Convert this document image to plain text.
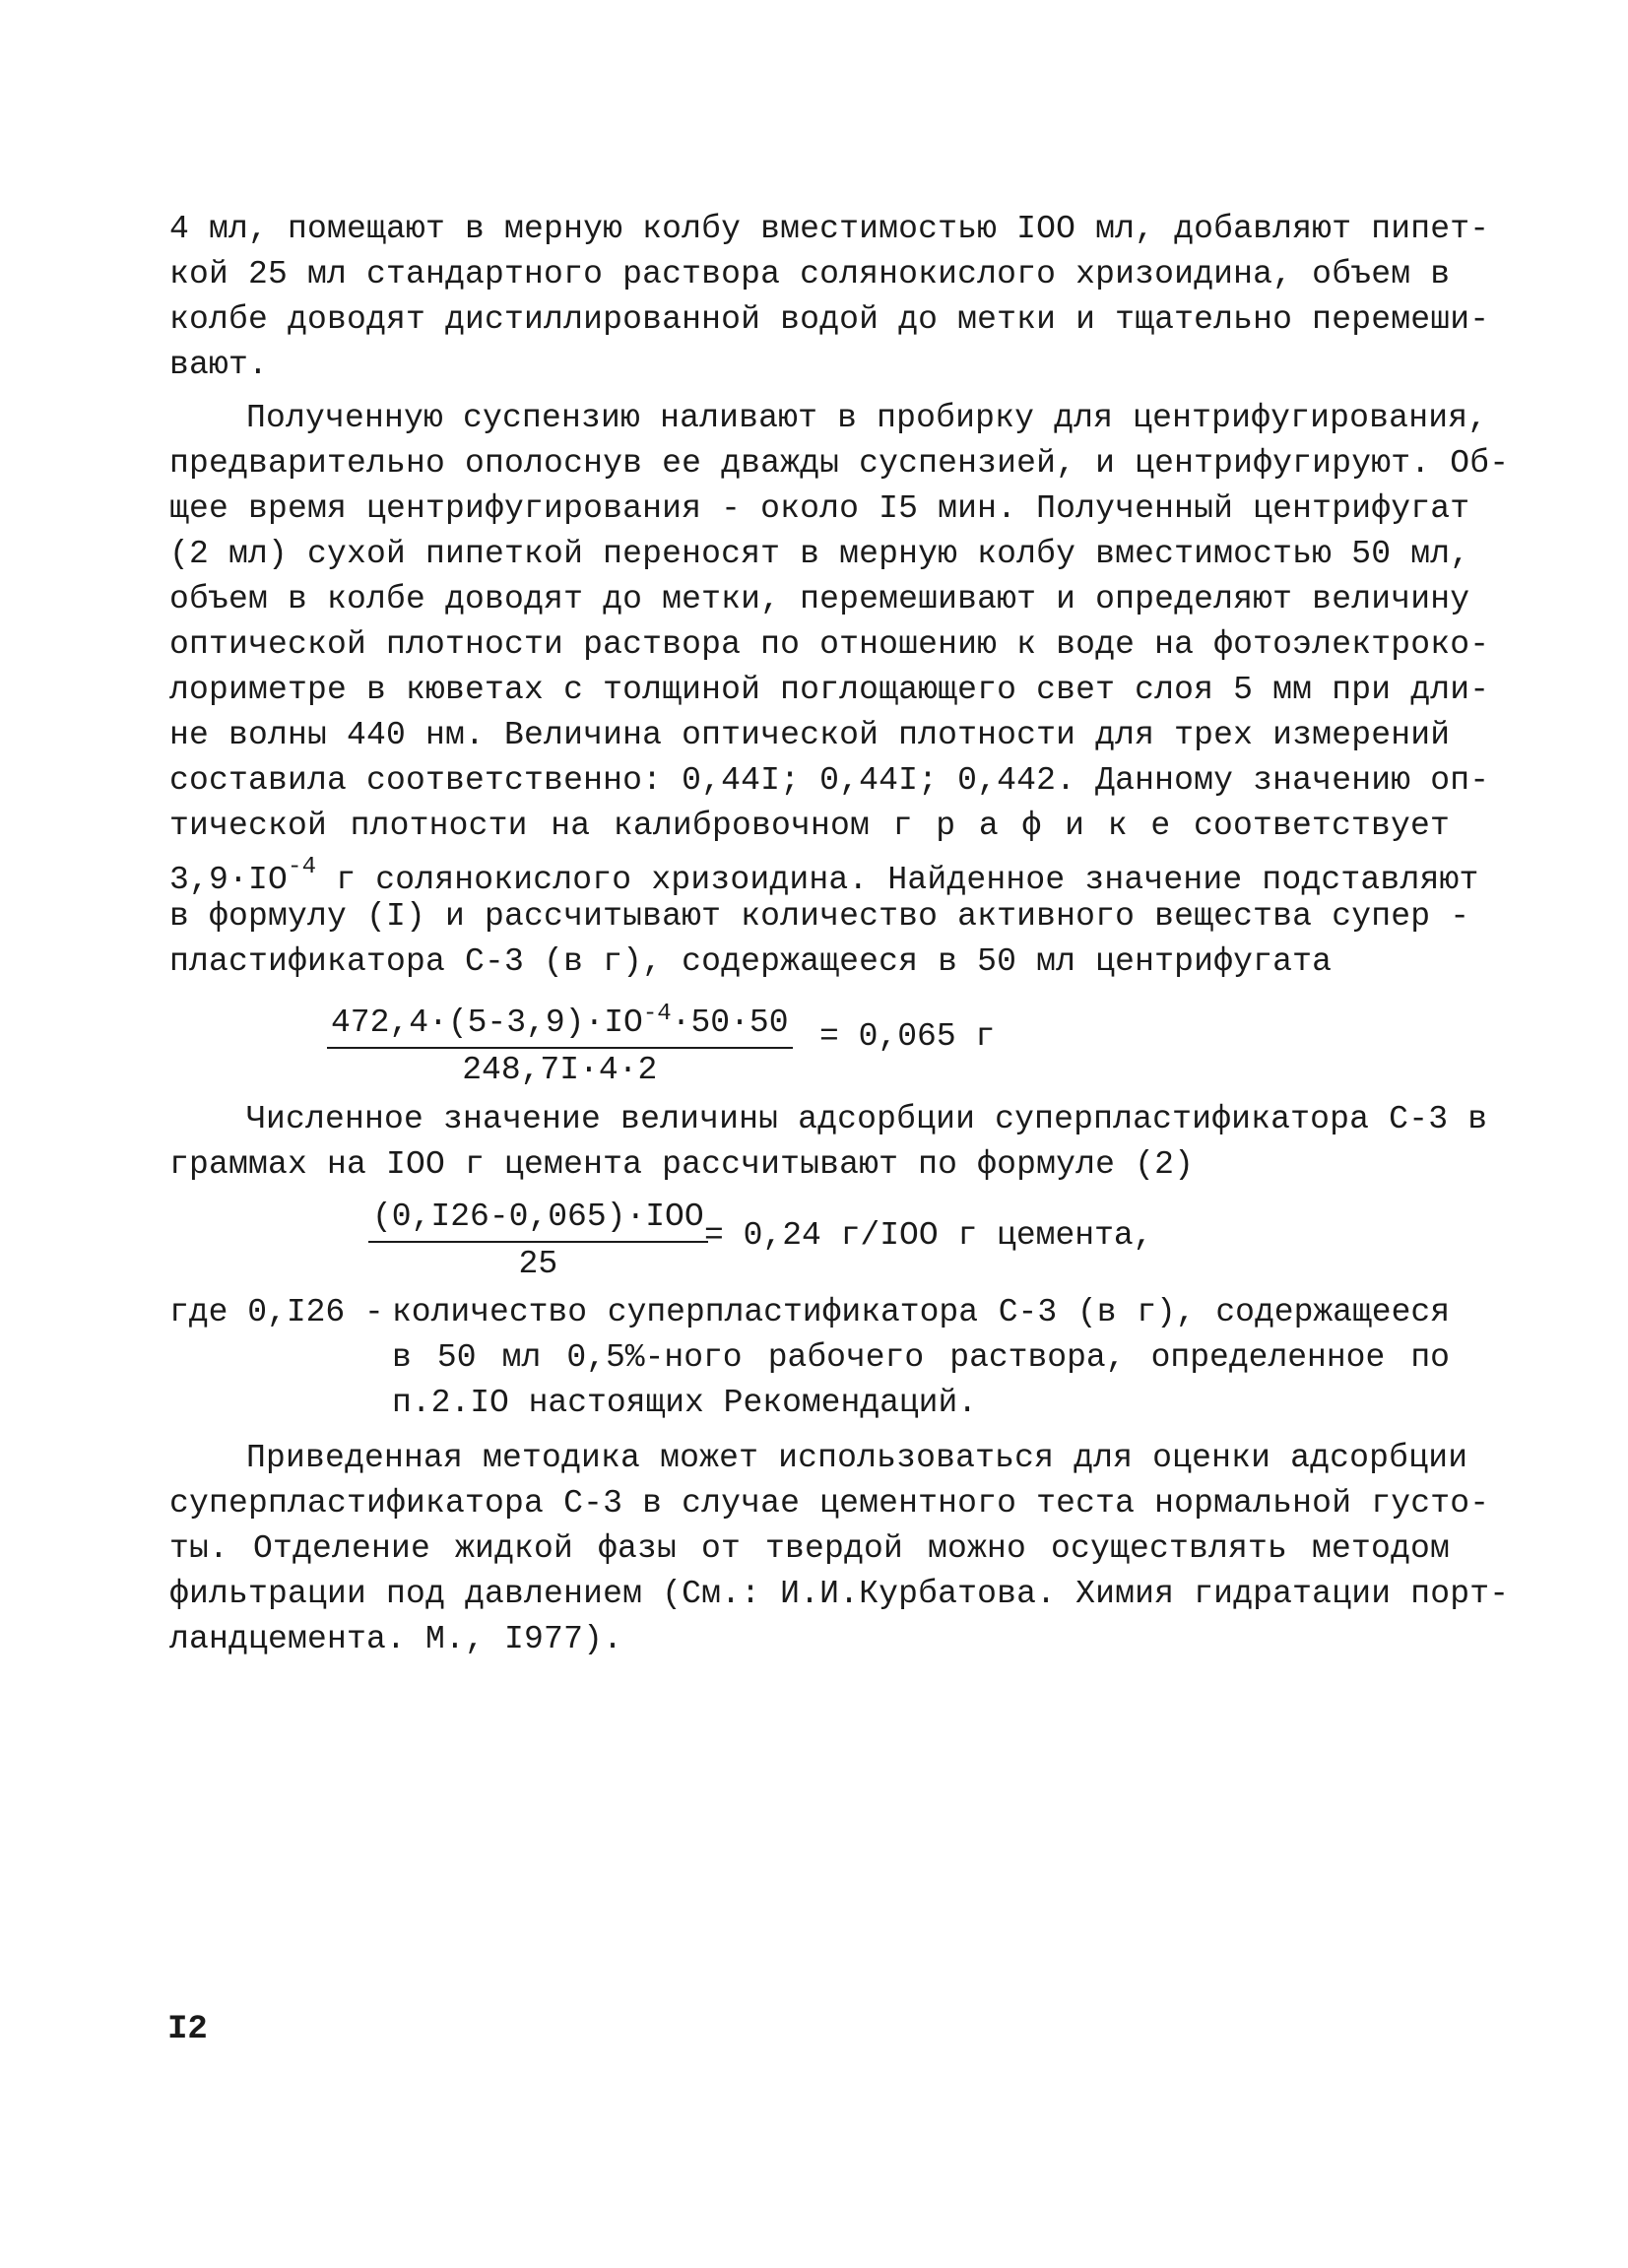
4 мл, помещают в мерную колбу вместимостью IOO мл, добавляют пипет-
кой 25 мл стандартного раствора солянокислого хризоидина, объем в
колбе доводят дистиллированной водой до метки и тщательно перемеши-
вают.
Полученную суспензию наливают в пробирку для центрифугирования,
предварительно ополоснув ее дважды суспензией, и центрифугируют. Об-
щее время центрифугирования - около I5 мин. Полученный центрифугат
(2 мл) сухой пипеткой переносят в мерную колбу вместимостью 50 мл,
объем в колбе доводят до метки, перемешивают и определяют величину
оптической плотности раствора по отношению к воде на фотоэлектроко-
лориметре в кюветах с толщиной поглощающего свет слоя 5 мм при дли-
не волны 440 нм. Величина оптической плотности для трех измерений
составила соответственно: 0,44I; 0,44I; 0,442. Данному значению оп-
тической плотности на калибровочном г р а ф и к е соответствует
$3,9\cdot IO^{-4}$ г солянокислого хризоидина. Найденное значение подставляют
в формулу (I) и рассчитывают количество активного вещества супер -
пластификатора С-3 (в г), содержащееся в 50 мл центрифугата
$\frac{472,4\cdot(5-3,9)\cdot IO^{-4}\cdot 50\cdot 50}{248,7I\cdot 4\cdot 2} = 0,065$ г
Численное значение величины адсорбции суперпластификатора С-3 в
граммах на IOO г цемента рассчитывают по формуле (2)
(0,I26-0,065)·IOO
25
= 0,24 г/IOO г цемента,
где 0,I26 - количество суперпластификатора С-3 (в г), содержащееся
в 50 мл 0,5%-ного рабочего раствора, определенное по
п.2.IO настоящих Рекомендаций.
Приведенная методика может использоваться для оценки адсорбции
суперпластификатора С-3 в случае цементного теста нормальной густо-
ты. Отделение жидкой фазы от твердой можно осуществлять методом
фильтрации под давлением (См.: И.И.Курбатова. Химия гидратации порт-
ландцемента. М., I977).
I2
